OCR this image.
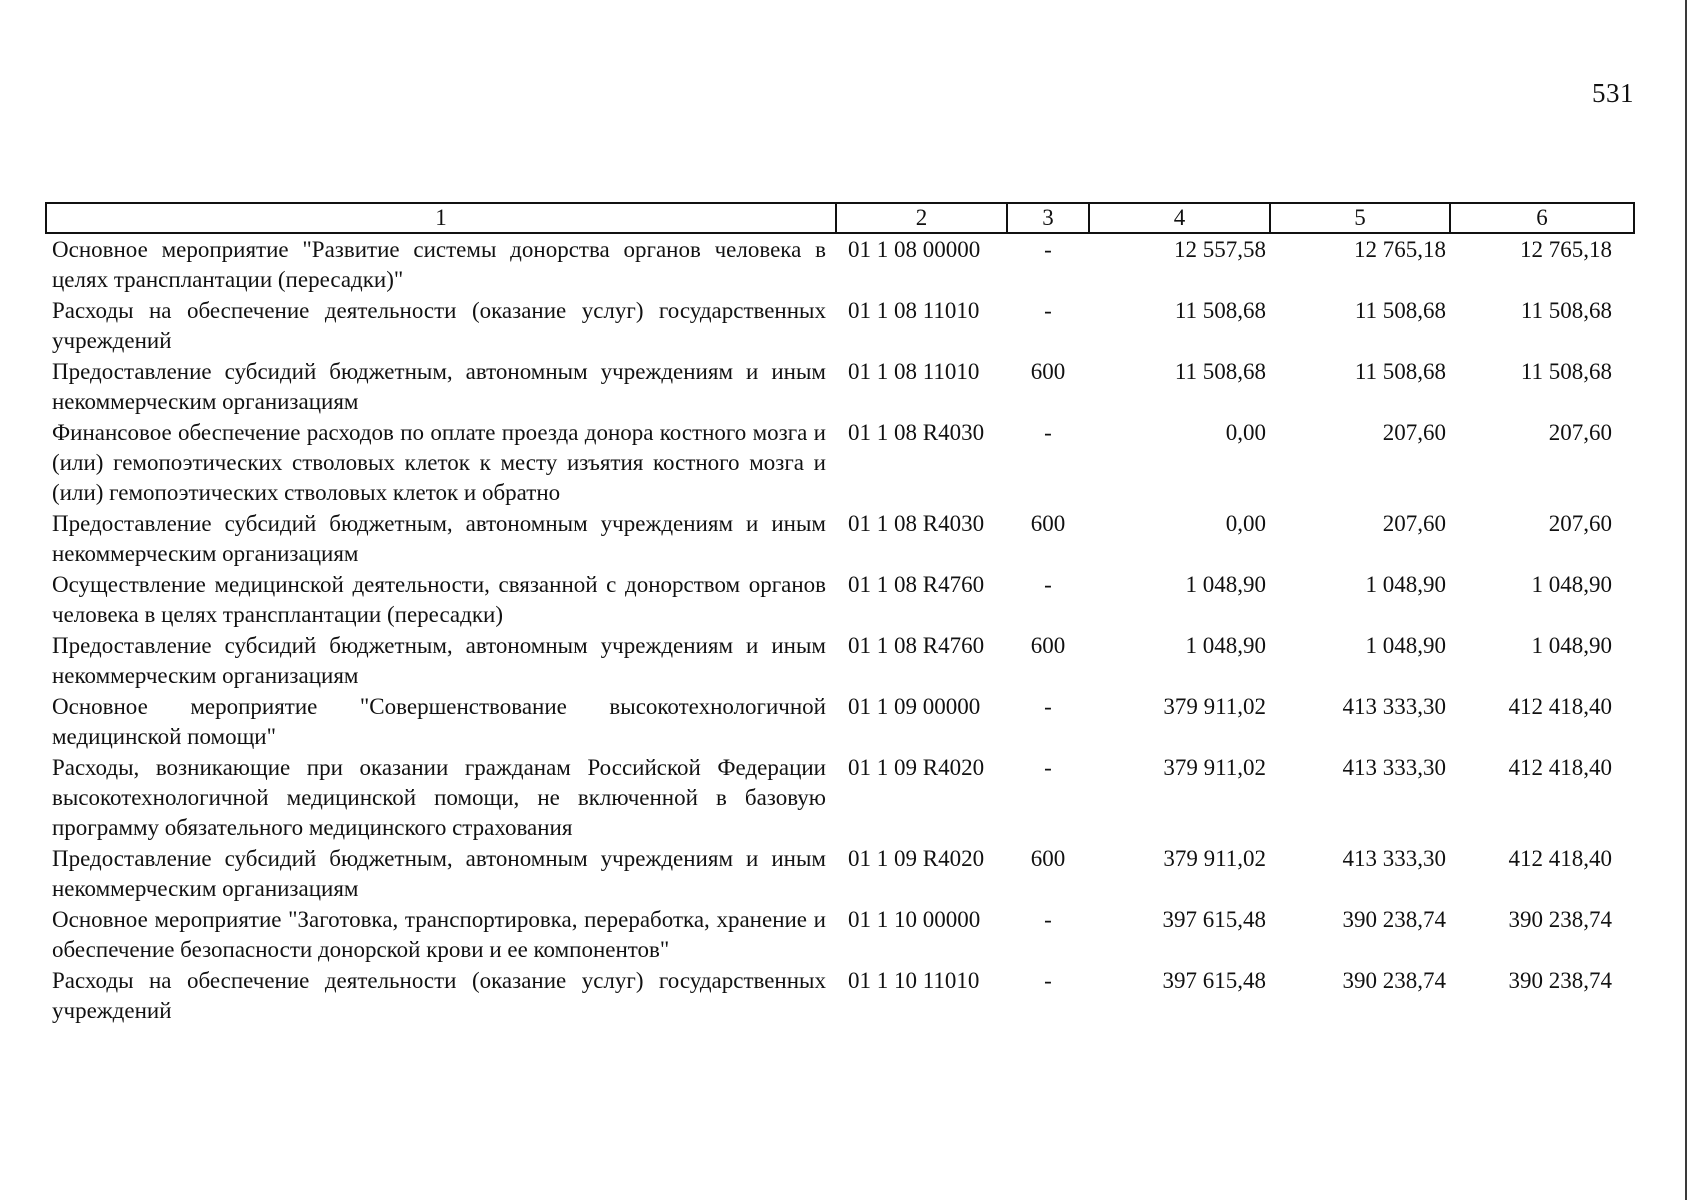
531
1	2	3	4	5	6
Основное мероприятие "Развитие системы донорства органов человека в целях трансплантации (пересадки)"	01 1 08 00000	-	12 557,58	12 765,18	12 765,18
Расходы на обеспечение деятельности (оказание услуг) государственных учреждений	01 1 08 11010	-	11 508,68	11 508,68	11 508,68
Предоставление субсидий бюджетным, автономным учреждениям и иным некоммерческим организациям	01 1 08 11010	600	11 508,68	11 508,68	11 508,68
Финансовое обеспечение расходов по оплате проезда донора костного мозга и (или) гемопоэтических стволовых клеток к месту изъятия костного мозга и (или) гемопоэтических стволовых клеток и обратно	01 1 08 R4030	-	0,00	207,60	207,60
Предоставление субсидий бюджетным, автономным учреждениям и иным некоммерческим организациям	01 1 08 R4030	600	0,00	207,60	207,60
Осуществление медицинской деятельности, связанной с донорством органов человека в целях трансплантации (пересадки)	01 1 08 R4760	-	1 048,90	1 048,90	1 048,90
Предоставление субсидий бюджетным, автономным учреждениям и иным некоммерческим организациям	01 1 08 R4760	600	1 048,90	1 048,90	1 048,90
Основное мероприятие "Совершенствование высокотехнологичной медицинской помощи"	01 1 09 00000	-	379 911,02	413 333,30	412 418,40
Расходы, возникающие при оказании гражданам Российской Федерации высокотехнологичной медицинской помощи, не включенной в базовую программу обязательного медицинского страхования	01 1 09 R4020	-	379 911,02	413 333,30	412 418,40
Предоставление субсидий бюджетным, автономным учреждениям и иным некоммерческим организациям	01 1 09 R4020	600	379 911,02	413 333,30	412 418,40
Основное мероприятие "Заготовка, транспортировка, переработка, хранение и обеспечение безопасности донорской крови и ее компонентов"	01 1 10 00000	-	397 615,48	390 238,74	390 238,74
Расходы на обеспечение деятельности (оказание услуг) государственных учреждений	01 1 10 11010	-	397 615,48	390 238,74	390 238,74
